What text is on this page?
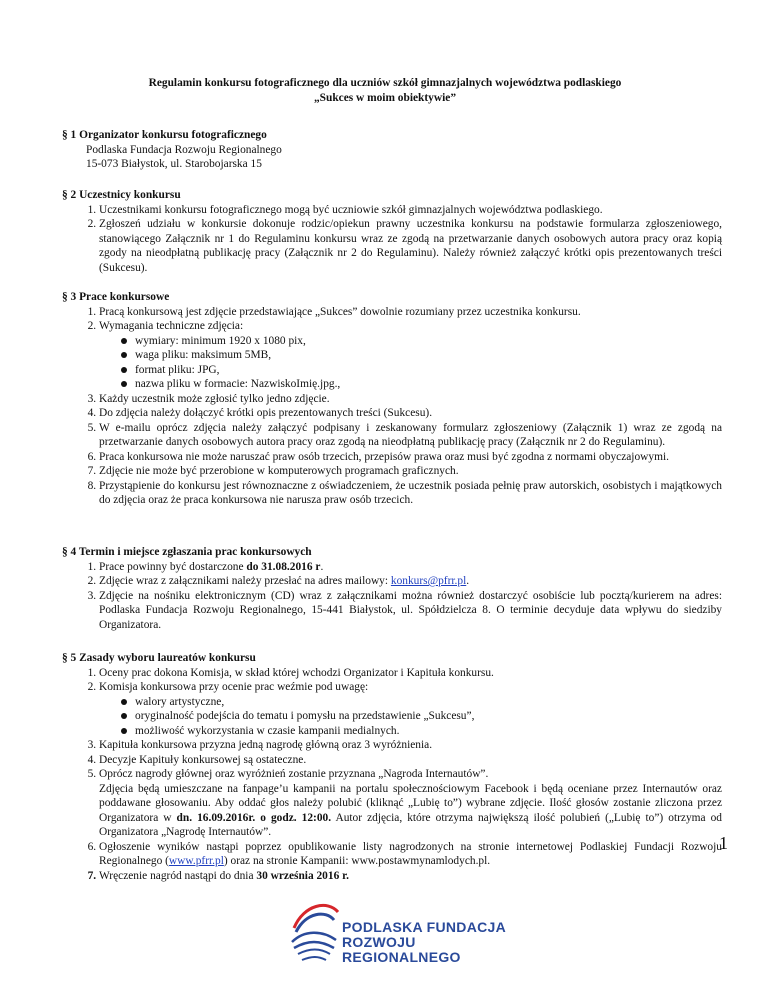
Regulamin konkursu fotograficznego dla uczniów szkół gimnazjalnych województwa podlaskiego
„Sukces w moim obiektywie”
§ 1 Organizator konkursu fotograficznego
Podlaska Fundacja Rozwoju Regionalnego
15-073 Białystok, ul. Starobojarska 15
§ 2 Uczestnicy konkursu
1. Uczestnikami konkursu fotograficznego mogą być uczniowie szkół gimnazjalnych województwa podlaskiego.
2. Zgłoszeń udziału w konkursie dokonuje rodzic/opiekun prawny uczestnika konkursu na podstawie formularza zgłoszeniowego, stanowiącego Załącznik nr 1 do Regulaminu konkursu wraz ze zgodą na przetwarzanie danych osobowych autora pracy oraz kopią zgody na nieodpłatną publikację pracy (Załącznik nr 2 do Regulaminu). Należy również załączyć krótki opis prezentowanych treści (Sukcesu).
§ 3 Prace konkursowe
1. Pracą konkursową jest zdjęcie przedstawiające „Sukces” dowolnie rozumiany przez uczestnika konkursu.
2. Wymagania techniczne zdjęcia:
wymiary: minimum 1920 x 1080 pix,
waga pliku: maksimum 5MB,
format pliku: JPG,
nazwa pliku w formacie: NazwiskoImię.jpg.,
3. Każdy uczestnik może zgłosić tylko jedno zdjęcie.
4. Do zdjęcia należy dołączyć krótki opis prezentowanych treści (Sukcesu).
5. W e-mailu oprócz zdjęcia należy załączyć podpisany i zeskanowany formularz zgłoszeniowy (Załącznik 1) wraz ze zgodą na przetwarzanie danych osobowych autora pracy oraz zgodą na nieodpłatną publikację pracy (Załącznik nr 2 do Regulaminu).
6. Praca konkursowa nie może naruszać praw osób trzecich, przepisów prawa oraz musi być zgodna z normami obyczajowymi.
7. Zdjęcie nie może być przerobione w komputerowych programach graficznych.
8. Przystąpienie do konkursu jest równoznaczne z oświadczeniem, że uczestnik posiada pełnię praw autorskich, osobistych i majątkowych do zdjęcia oraz że praca konkursowa nie narusza praw osób trzecich.
§ 4 Termin i miejsce zgłaszania prac konkursowych
1. Prace powinny być dostarczone do 31.08.2016 r.
2. Zdjęcie wraz z załącznikami należy przesłać na adres mailowy: konkurs@pfrr.pl.
3. Zdjęcie na nośniku elektronicznym (CD) wraz z załącznikami można również dostarczyć osobiście lub pocztą/kurierem na adres: Podlaska Fundacja Rozwoju Regionalnego, 15-441 Białystok, ul. Spółdzielcza 8. O terminie decyduje data wpływu do siedziby Organizatora.
§ 5 Zasady wyboru laureatów konkursu
1. Oceny prac dokona Komisja, w skład której wchodzi Organizator i Kapituła konkursu.
2. Komisja konkursowa przy ocenie prac weźmie pod uwagę:
walory artystyczne,
oryginalność podejścia do tematu i pomysłu na przedstawienie „Sukcesu”,
możliwość wykorzystania w czasie kampanii medialnych.
3. Kapituła konkursowa przyzna jedną nagrodę główną oraz 3 wyróżnienia.
4. Decyzje Kapituły konkursowej są ostateczne.
5. Oprócz nagrody głównej oraz wyróżnień zostanie przyznana „Nagroda Internautów”.
Zdjęcia będą umieszczane na fanpage’u kampanii na portalu społecznościowym Facebook i będą oceniane przez Internautów oraz poddawane głosowaniu. Aby oddać głos należy polubić (kliknąć „Lubię to”) wybrane zdjęcie. Ilość głosów zostanie zliczona przez Organizatora w dn. 16.09.2016r. o godz. 12:00. Autor zdjęcia, które otrzyma największą ilość polubień („Lubię to”) otrzyma od Organizatora „Nagrodę Internautów”.
6. Ogłoszenie wyników nastąpi poprzez opublikowanie listy nagrodzonych na stronie internetowej Podlaskiej Fundacji Rozwoju Regionalnego (www.pfrr.pl) oraz na stronie Kampanii: www.postawmynamlodych.pl.
7. Wręczenie nagród nastąpi do dnia 30 września 2016 r.
1
PODLASKA FUNDACJA
ROZWOJU REGIONALNEGO
